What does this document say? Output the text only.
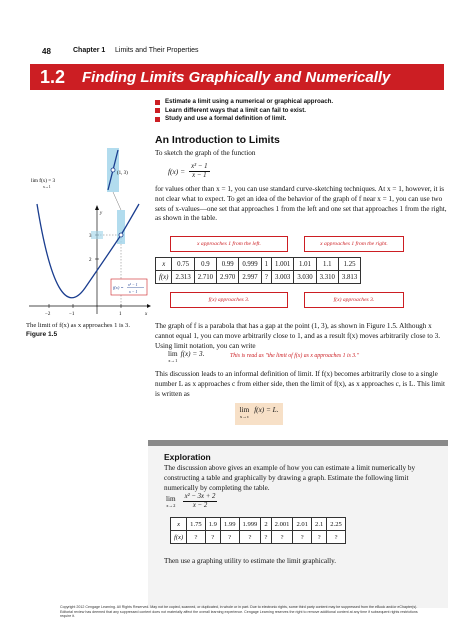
48	Chapter 1 Limits and Their Properties
1.2	Finding Limits Graphically and Numerically
Estimate a limit using a numerical or graphical approach.
Learn different ways that a limit can fail to exist.
Study and use a formal definition of limit.
An Introduction to Limits
To sketch the graph of the function
$f(x) = \frac{\text{x³ − 1}}{x - 1}$
for values other than x = 1, you can use standard curve-sketching techniques. At x = 1, however, it is not clear what to expect. To get an idea of the behavior of the graph of f near x = 1, you can use two sets of x-values—one set that approaches 1 from the left and one set that approaches 1 from the right, as shown in the table.
x approaches 1 from the left.	x approaches 1 from the right.
x	0.75	0.9	0.99	0.999	1	1.001	1.01	1.1	1.25
f(x)	2.313	2.710	2.970	2.997	?	3.003	3.030	3.310	3.813
f(x) approaches 3.	f(x) approaches 3.
lim f(x) = 3
x→1
(1, 3)
y
x
3
2
−2	−1	1
f(x) =
x³ − 1
x − 1
The limit of f(x) as x approaches 1 is 3.
Figure 1.5
The graph of f is a parabola that has a gap at the point (1, 3), as shown in Figure 1.5. Although x cannot equal 1, you can move arbitrarily close to 1, and as a result f(x) moves arbitrarily close to 3. Using limit notation, you can write
lim
x→1
f(x) = 3.	This is read as "the limit of f(x) as x approaches 1 is 3."
This discussion leads to an informal definition of limit. If f(x) becomes arbitrarily close to a single number L as x approaches c from either side, then the limit of f(x), as x approaches c, is L. This limit is written as
lim
x→c
f(x) = L.
Exploration
The discussion above gives an example of how you can estimate a limit numerically by constructing a table and graphically by drawing a graph. Estimate the following limit numerically by completing the table.
lim
$x\to 2 \frac{\text{x² − 3x + 2}}{x - 2}$
x	1.75	1.9	1.99	1.999	2	2.001	2.01	2.1	2.25
f(x)	?	?	?	?	?	?	?	?	?
Then use a graphing utility to estimate the limit graphically.
Copyright 2012 Cengage Learning. All Rights Reserved. May not be copied, scanned, or duplicated, in whole or in part. Due to electronic rights, some third party content may be suppressed from the eBook and/or eChapter(s). Editorial review has deemed that any suppressed content does not materially affect the overall learning experience. Cengage Learning reserves the right to remove additional content at any time if subsequent rights restrictions require it.
